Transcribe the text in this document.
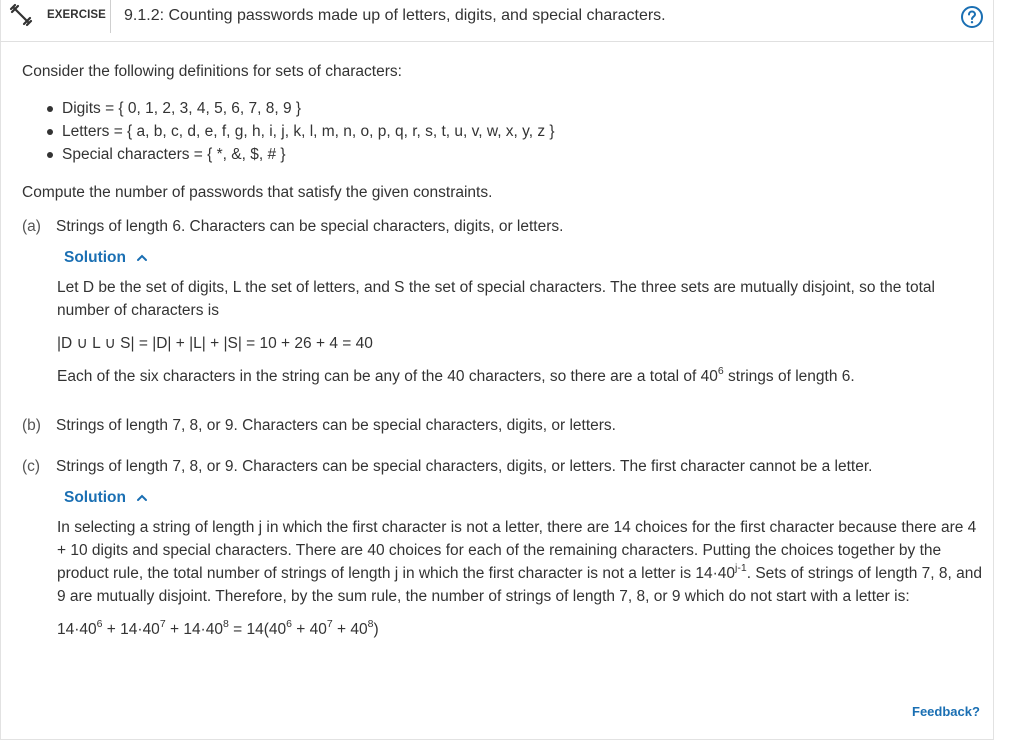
EXERCISE 9.1.2: Counting passwords made up of letters, digits, and special characters.

Consider the following definitions for sets of characters:

Digits = { 0, 1, 2, 3, 4, 5, 6, 7, 8, 9 }
Letters = { a, b, c, d, e, f, g, h, i, j, k, l, m, n, o, p, q, r, s, t, u, v, w, x, y, z }
Special characters = { *, &, $, # }

Compute the number of passwords that satisfy the given constraints.

(a) Strings of length 6. Characters can be special characters, digits, or letters.
Solution

Let D be the set of digits, L the set of letters, and S the set of special characters. The three sets are mutually disjoint, so the total number of characters is

|D ∪ L ∪ S| = |D| + |L| + |S| = 10 + 26 + 4 = 40

Each of the six characters in the string can be any of the 40 characters, so there are a total of $40^6$ strings of length 6.

(b) Strings of length 7, 8, or 9. Characters can be special characters, digits, or letters.
(c) Strings of length 7, 8, or 9. Characters can be special characters, digits, or letters. The first character cannot be a letter.
Solution

In selecting a string of length j in which the first character is not a letter, there are 14 choices for the first character because there are 4 + 10 digits and special characters. There are 40 choices for each of the remaining characters. Putting the choices together by the product rule, the total number of strings of length j in which the first character is not a letter is $14\cdot 40^{j-1}$. Sets of strings of length 7, 8, and 9 are mutually disjoint. Therefore, by the sum rule, the number of strings of length 7, 8, or 9 which do not start with a letter is:

$14\cdot 40^6 + 14\cdot 40^7 + 14\cdot 40^8 = 14(40^6 + 40^7 + 40^8)$

Feedback?
